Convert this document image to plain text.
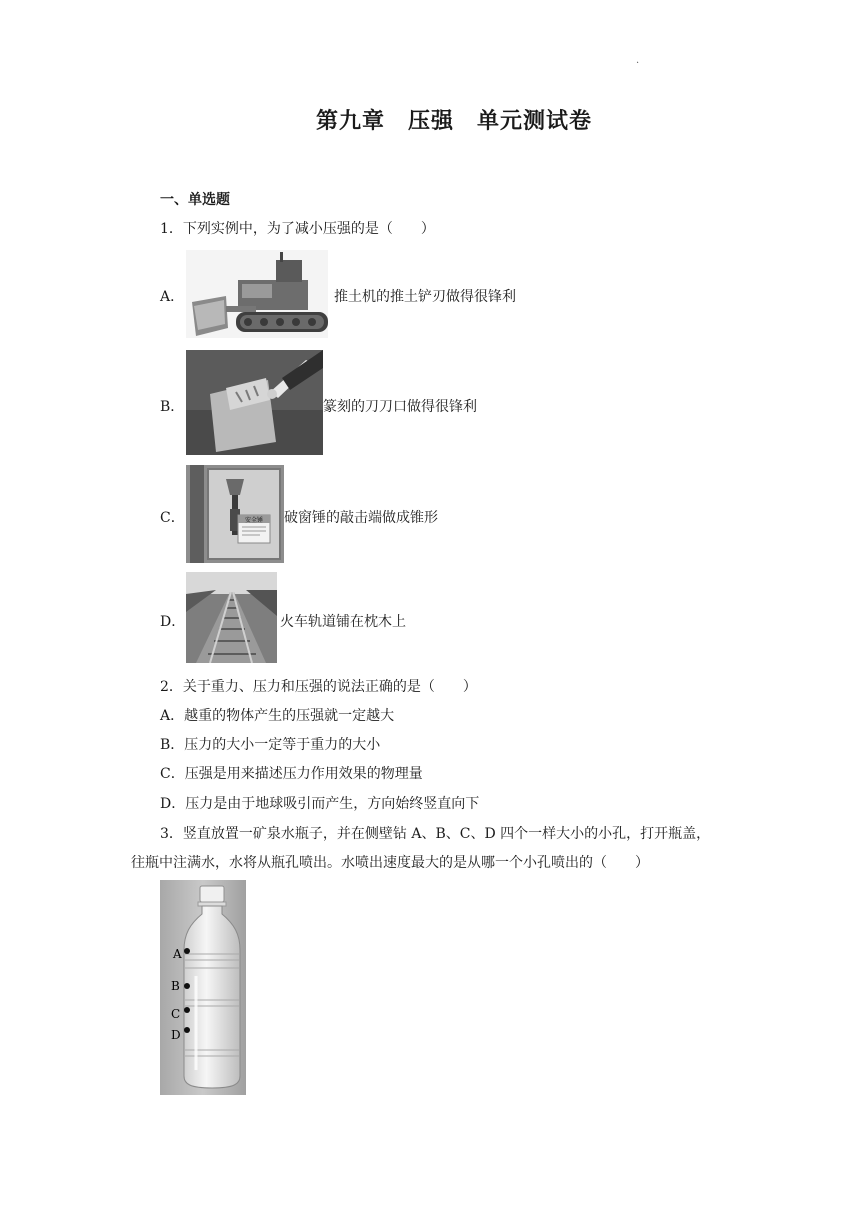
·
第九章　压强　单元测试卷
一、单选题
1．下列实例中，为了减小压强的是（　　）
A．	推土机的推土铲刃做得很锋利
B．	篆刻的刀刀口做得很锋利
C．	安全锤 破窗锤的敲击端做成锥形
D．	火车轨道铺在枕木上
2．关于重力、压力和压强的说法正确的是（　　）
A．越重的物体产生的压强就一定越大
B．压力的大小一定等于重力的大小
C．压强是用来描述压力作用效果的物理量
D．压力是由于地球吸引而产生，方向始终竖直向下
3．竖直放置一矿泉水瓶子，并在侧壁钻 A、B、C、D 四个一样大小的小孔，打开瓶盖，
往瓶中注满水，水将从瓶孔喷出。水喷出速度最大的是从哪一个小孔喷出的（　　）
A
B
C
D
